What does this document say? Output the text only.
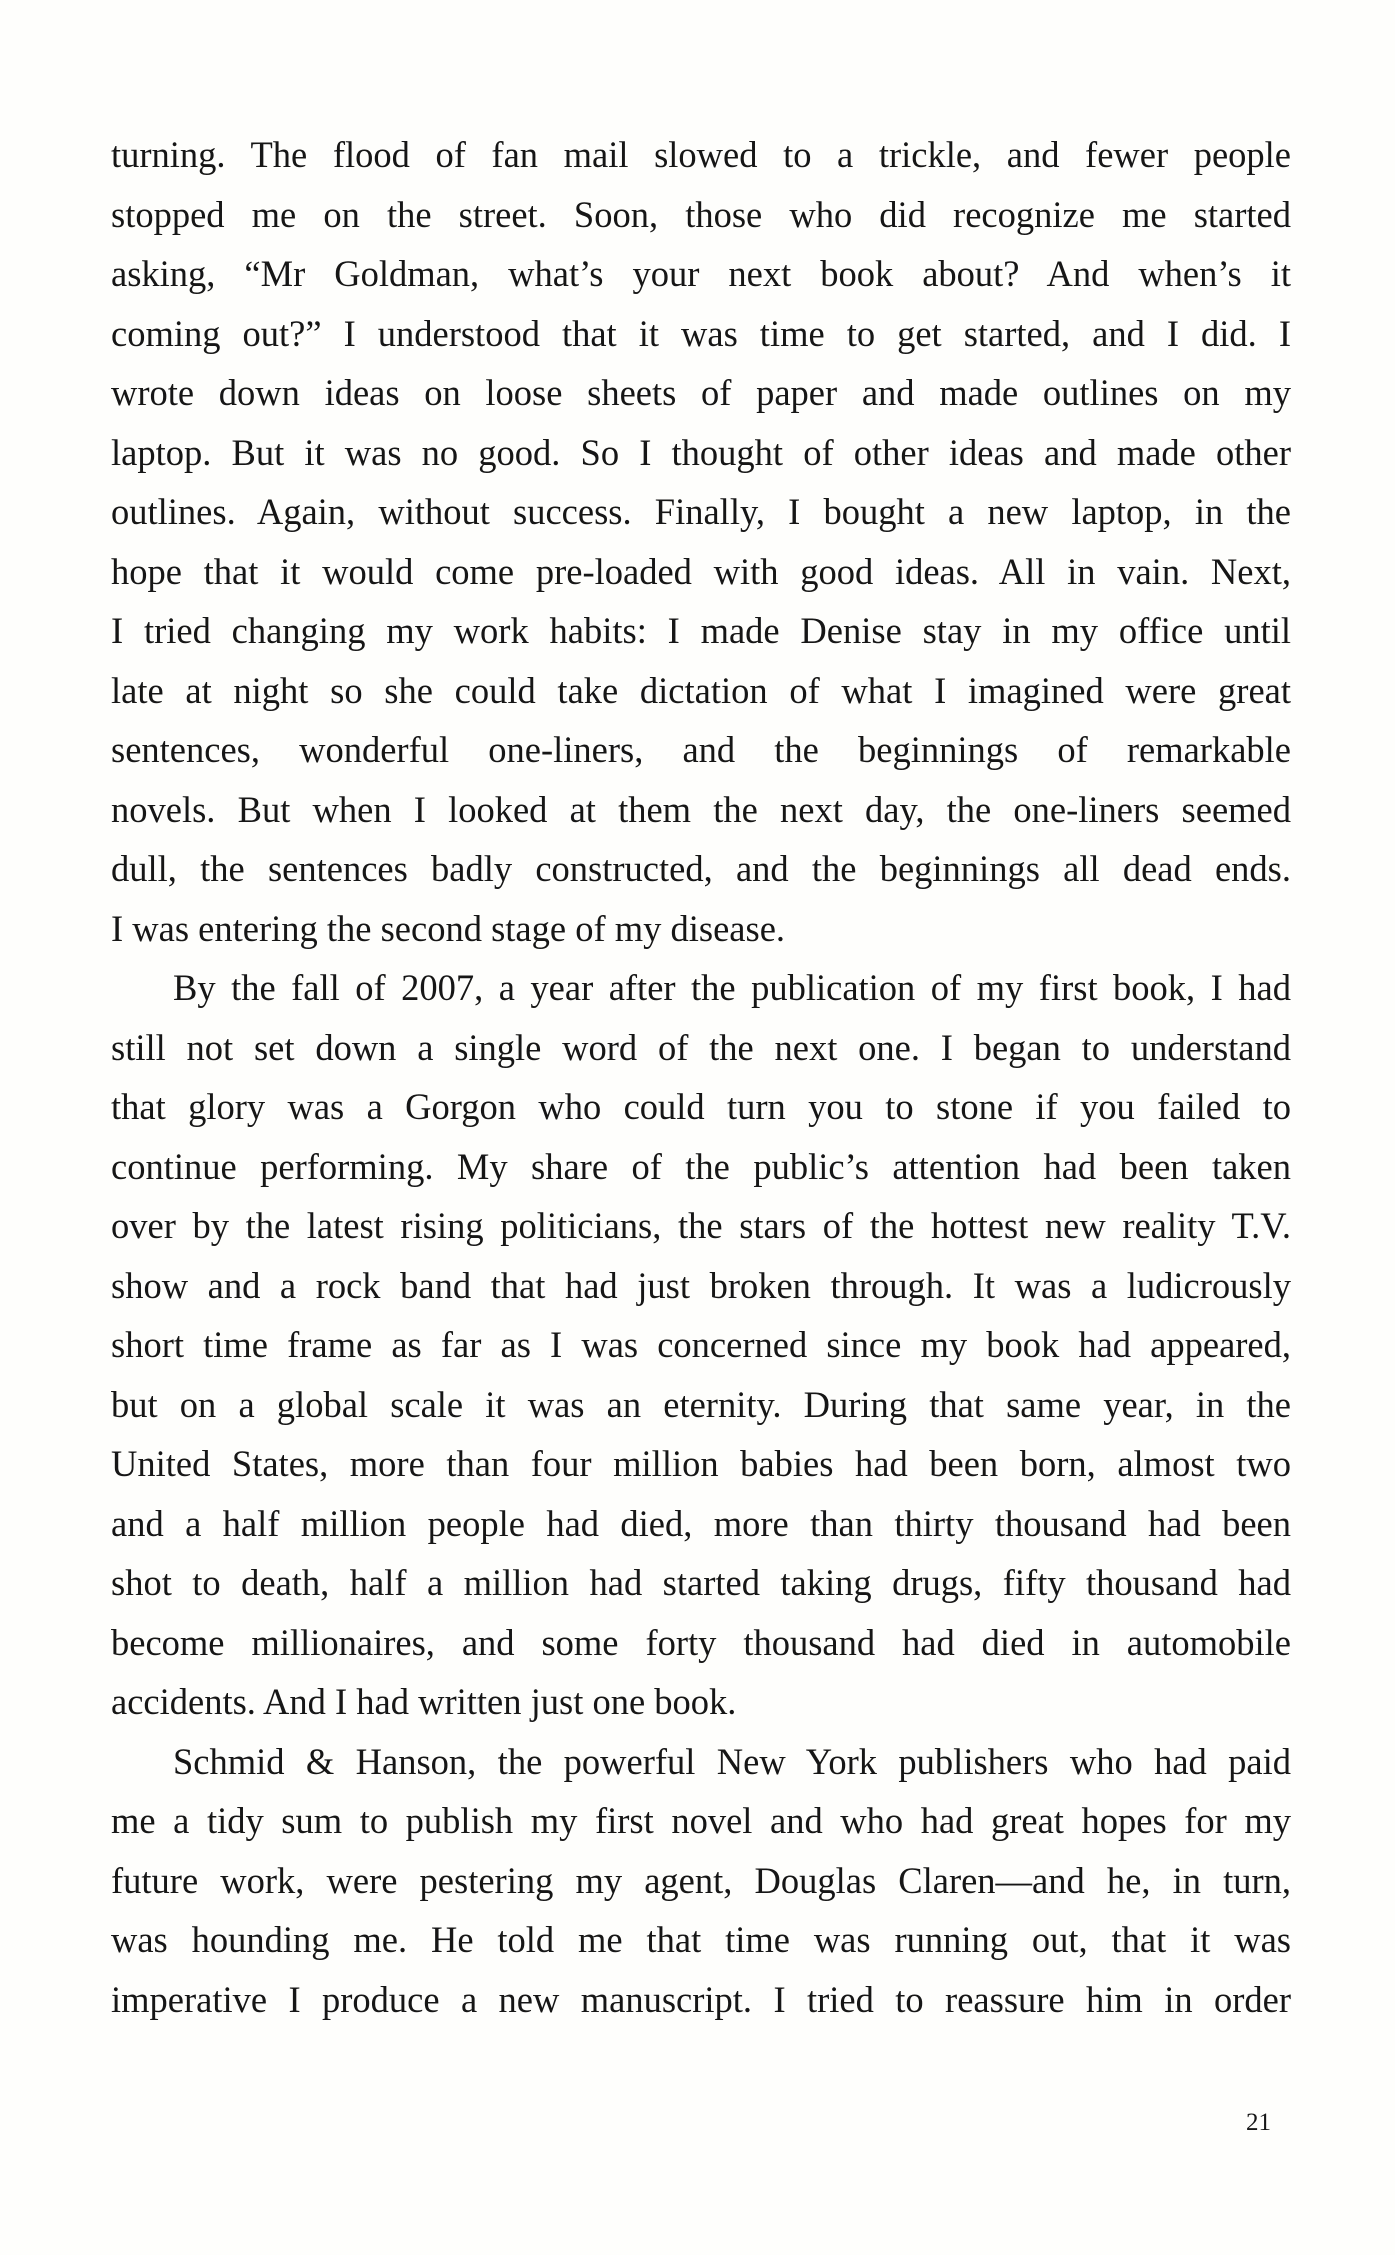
turning. The flood of fan mail slowed to a trickle, and fewer people
stopped me on the street. Soon, those who did recognize me started
asking, “Mr Goldman, what’s your next book about? And when’s it
coming out?” I understood that it was time to get started, and I did. I
wrote down ideas on loose sheets of paper and made outlines on my
laptop. But it was no good. So I thought of other ideas and made other
outlines. Again, without success. Finally, I bought a new laptop, in the
hope that it would come pre-loaded with good ideas. All in vain. Next,
I tried changing my work habits: I made Denise stay in my office until
late at night so she could take dictation of what I imagined were great
sentences, wonderful one-liners, and the beginnings of remarkable
novels. But when I looked at them the next day, the one-liners seemed
dull, the sentences badly constructed, and the beginnings all dead ends.
I was entering the second stage of my disease.

By the fall of 2007, a year after the publication of my first book, I had
still not set down a single word of the next one. I began to understand
that glory was a Gorgon who could turn you to stone if you failed to
continue performing. My share of the public’s attention had been taken
over by the latest rising politicians, the stars of the hottest new reality T.V.
show and a rock band that had just broken through. It was a ludicrously
short time frame as far as I was concerned since my book had appeared,
but on a global scale it was an eternity. During that same year, in the
United States, more than four million babies had been born, almost two
and a half million people had died, more than thirty thousand had been
shot to death, half a million had started taking drugs, fifty thousand had
become millionaires, and some forty thousand had died in automobile
accidents. And I had written just one book.

Schmid & Hanson, the powerful New York publishers who had paid
me a tidy sum to publish my first novel and who had great hopes for my
future work, were pestering my agent, Douglas Claren—and he, in turn,
was hounding me. He told me that time was running out, that it was
imperative I produce a new manuscript. I tried to reassure him in order

21
